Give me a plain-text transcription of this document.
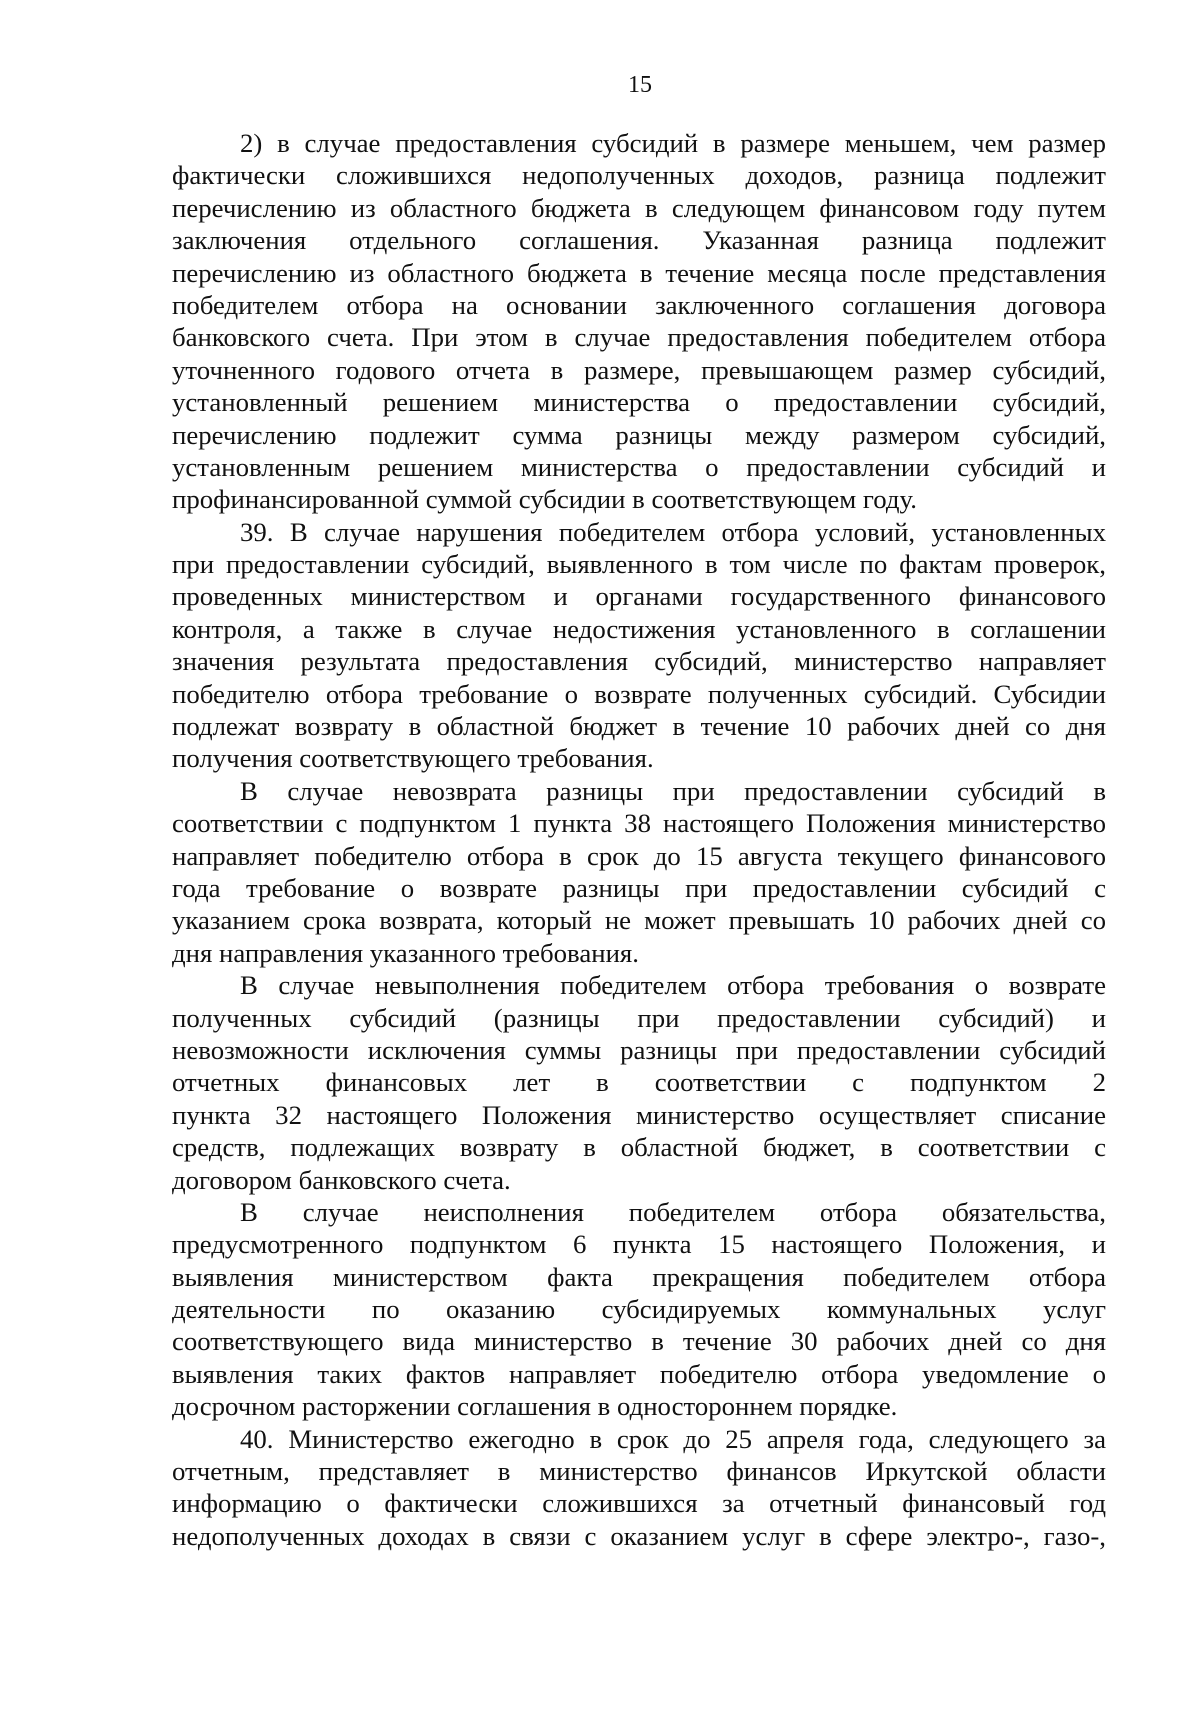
15
2) в случае предоставления субсидий в размере меньшем, чем размер
фактически сложившихся недополученных доходов, разница подлежит
перечислению из областного бюджета в следующем финансовом году путем
заключения отдельного соглашения. Указанная разница подлежит
перечислению из областного бюджета в течение месяца после представления
победителем отбора на основании заключенного соглашения договора
банковского счета. При этом в случае предоставления победителем отбора
уточненного годового отчета в размере, превышающем размер субсидий,
установленный решением министерства о предоставлении субсидий,
перечислению подлежит сумма разницы между размером субсидий,
установленным решением министерства о предоставлении субсидий и
профинансированной суммой субсидии в соответствующем году.
39. В случае нарушения победителем отбора условий, установленных
при предоставлении субсидий, выявленного в том числе по фактам проверок,
проведенных министерством и органами государственного финансового
контроля, а также в случае недостижения установленного в соглашении
значения результата предоставления субсидий, министерство направляет
победителю отбора требование о возврате полученных субсидий. Субсидии
подлежат возврату в областной бюджет в течение 10 рабочих дней со дня
получения соответствующего требования.
В случае невозврата разницы при предоставлении субсидий в
соответствии с подпунктом 1 пункта 38 настоящего Положения министерство
направляет победителю отбора в срок до 15 августа текущего финансового
года требование о возврате разницы при предоставлении субсидий с
указанием срока возврата, который не может превышать 10 рабочих дней со
дня направления указанного требования.
В случае невыполнения победителем отбора требования о возврате
полученных субсидий (разницы при предоставлении субсидий) и
невозможности исключения суммы разницы при предоставлении субсидий
отчетных финансовых лет в соответствии с подпунктом 2
пункта 32 настоящего Положения министерство осуществляет списание
средств, подлежащих возврату в областной бюджет, в соответствии с
договором банковского счета.
В случае неисполнения победителем отбора обязательства,
предусмотренного подпунктом 6 пункта 15 настоящего Положения, и
выявления министерством факта прекращения победителем отбора
деятельности по оказанию субсидируемых коммунальных услуг
соответствующего вида министерство в течение 30 рабочих дней со дня
выявления таких фактов направляет победителю отбора уведомление о
досрочном расторжении соглашения в одностороннем порядке.
40. Министерство ежегодно в срок до 25 апреля года, следующего за
отчетным, представляет в министерство финансов Иркутской области
информацию о фактически сложившихся за отчетный финансовый год
недополученных доходах в связи с оказанием услуг в сфере электро-, газо-,
